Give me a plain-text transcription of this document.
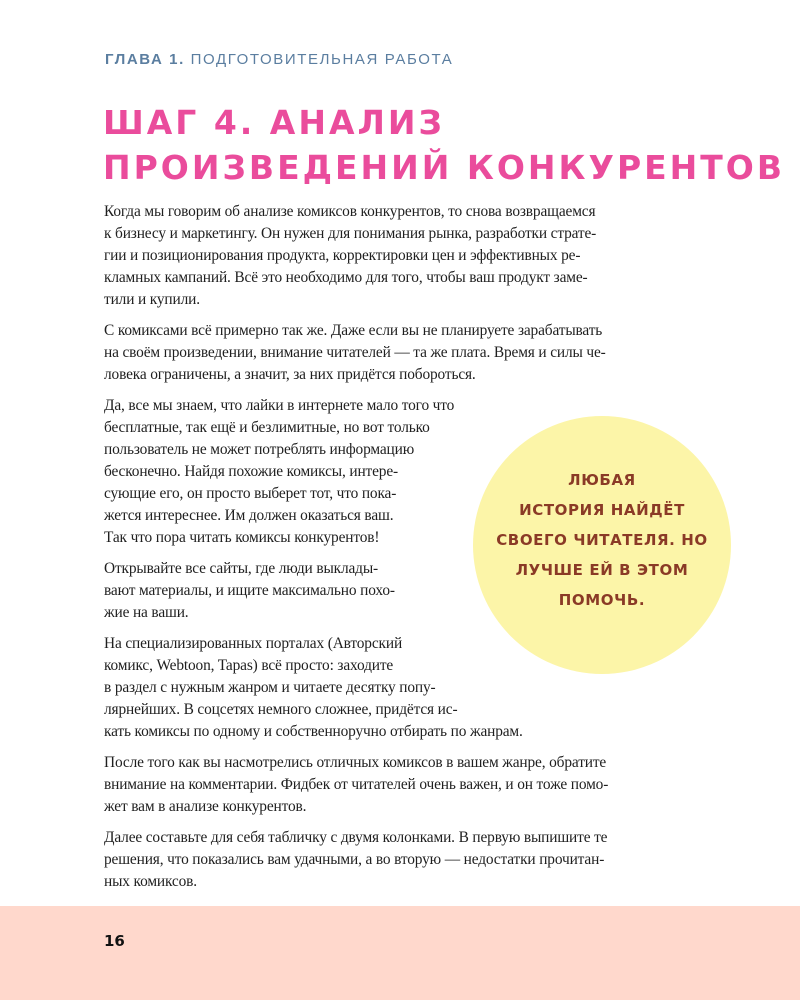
ГЛАВА 1. ПОДГОТОВИТЕЛЬНАЯ РАБОТА
ШАГ 4. АНАЛИЗ
ПРОИЗВЕДЕНИЙ КОНКУРЕНТОВ

Когда мы говорим об анализе комиксов конкурентов, то снова возвращаемся
к бизнесу и маркетингу. Он нужен для понимания рынка, разработки страте-
гии и позиционирования продукта, корректировки цен и эффективных ре-
кламных кампаний. Всё это необходимо для того, чтобы ваш продукт заме-
тили и купили.

С комиксами всё примерно так же. Даже если вы не планируете зарабатывать
на своём произведении, внимание читателей — та же плата. Время и силы че-
ловека ограничены, а значит, за них придётся побороться.

Да, все мы знаем, что лайки в интернете мало того что
бесплатные, так ещё и безлимитные, но вот только
пользователь не может потреблять информацию
бесконечно. Найдя похожие комиксы, интере-
сующие его, он просто выберет тот, что пока-
жется интереснее. Им должен оказаться ваш.
Так что пора читать комиксы конкурентов!

Открывайте все сайты, где люди выклады-
вают материалы, и ищите максимально похо-
жие на ваши.

На специализированных порталах (Авторский
комикс, Webtoon, Tapas) всё просто: заходите
в раздел с нужным жанром и читаете десятку попу-
лярнейших. В соцсетях немного сложнее, придётся ис-
кать комиксы по одному и собственноручно отбирать по жанрам.

После того как вы насмотрелись отличных комиксов в вашем жанре, обратите
внимание на комментарии. Фидбек от читателей очень важен, и он тоже помо-
жет вам в анализе конкурентов.

Далее составьте для себя табличку с двумя колонками. В первую выпишите те
решения, что показались вам удачными, а во вторую — недостатки прочитан-
ных комиксов.

ЛЮБАЯ
ИСТОРИЯ НАЙДЁТ
СВОЕГО ЧИТАТЕЛЯ. НО
ЛУЧШЕ ЕЙ В ЭТОМ
ПОМОЧЬ.
16
